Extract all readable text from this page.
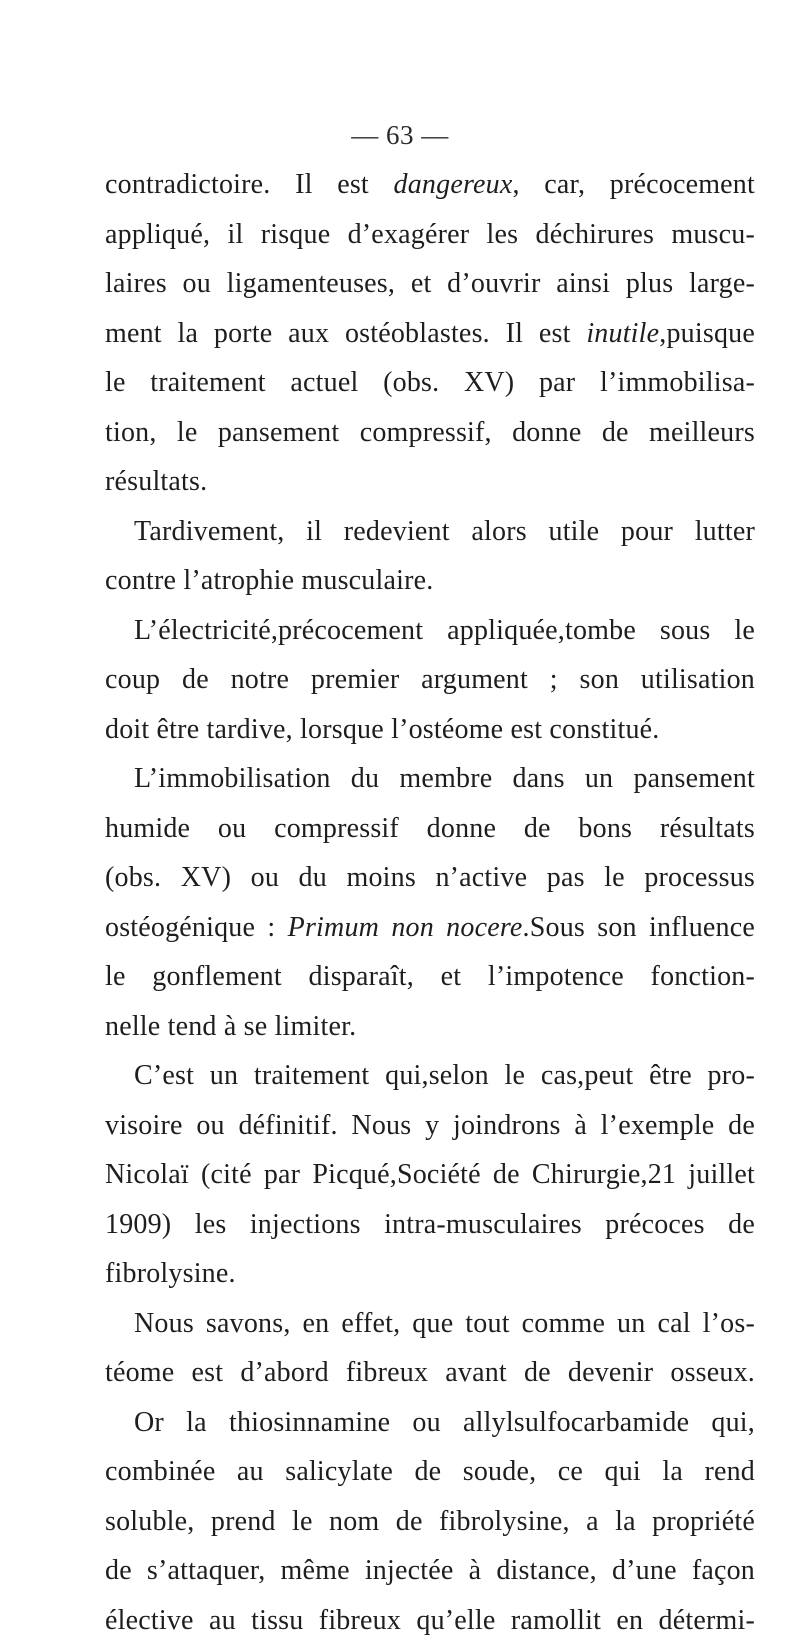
— 63 —
contradictoire. Il est dangereux, car, précocement
appliqué, il risque d’exagérer les déchirures muscu-
laires ou ligamenteuses, et d’ouvrir ainsi plus large-
ment la porte aux ostéoblastes. Il est inutile,puisque
le traitement actuel (obs. XV) par l’immobilisa-
tion, le pansement compressif, donne de meilleurs
résultats.
Tardivement, il redevient alors utile pour lutter
contre l’atrophie musculaire.
L’électricité,précocement appliquée,tombe sous le
coup de notre premier argument ; son utilisation
doit être tardive, lorsque l’ostéome est constitué.
L’immobilisation du membre dans un pansement
humide ou compressif donne de bons résultats
(obs. XV) ou du moins n’active pas le processus
ostéogénique : Primum non nocere.Sous son influence
le gonflement disparaît, et l’impotence fonction-
nelle tend à se limiter.
C’est un traitement qui,selon le cas,peut être pro-
visoire ou définitif. Nous y joindrons à l’exemple de
Nicolaï (cité par Picqué,Société de Chirurgie,21 juillet
1909) les injections intra-musculaires précoces de
fibrolysine.
Nous savons, en effet, que tout comme un cal l’os-
téome est d’abord fibreux avant de devenir osseux.
Or la thiosinnamine ou allylsulfocarbamide qui,
combinée au salicylate de soude, ce qui la rend
soluble, prend le nom de fibrolysine, a la propriété
de s’attaquer, même injectée à distance, d’une façon
élective au tissu fibreux qu’elle ramollit en détermi-
